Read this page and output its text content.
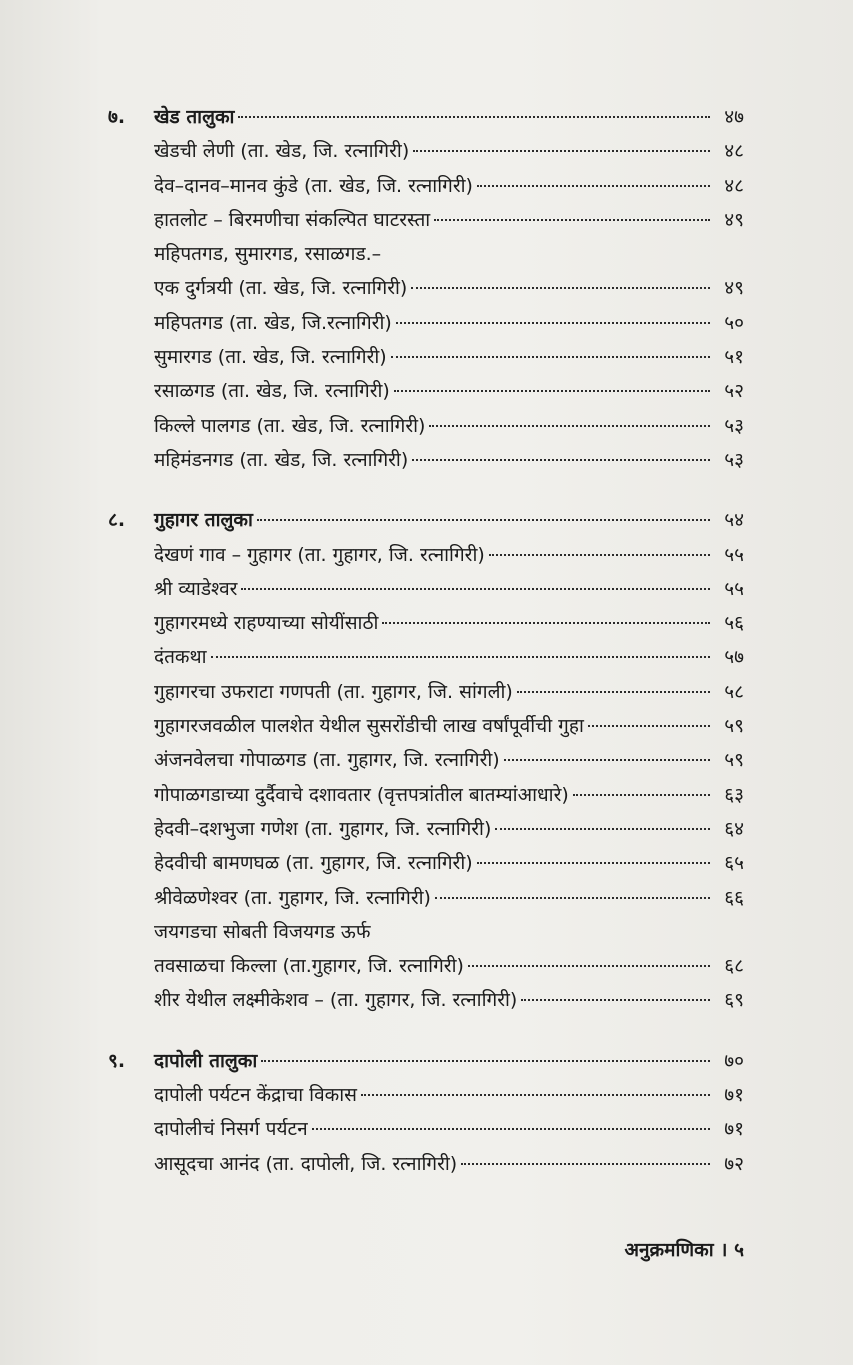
७.	खेड तालुका	४७
खेडची लेणी (ता. खेड, जि. रत्नागिरी)	४८
देव–दानव–मानव कुंडे (ता. खेड, जि. रत्नागिरी)	४८
हातलोट – बिरमणीचा संकल्पित घाटरस्ता	४९
महिपतगड, सुमारगड, रसाळगड.–
एक दुर्गत्रयी (ता. खेड, जि. रत्नागिरी)	४९
महिपतगड (ता. खेड, जि.रत्नागिरी)	५०
सुमारगड (ता. खेड, जि. रत्नागिरी)	५१
रसाळगड (ता. खेड, जि. रत्नागिरी)	५२
किल्ले पालगड (ता. खेड, जि. रत्नागिरी)	५३
महिमंडनगड (ता. खेड, जि. रत्नागिरी)	५३
८.	गुहागर तालुका	५४
देखणं गाव – गुहागर (ता. गुहागर, जि. रत्नागिरी)	५५
श्री व्याडेश्वर	५५
गुहागरमध्ये राहण्याच्या सोयींसाठी	५६
दंतकथा	५७
गुहागरचा उफराटा गणपती (ता. गुहागर, जि. सांगली)	५८
गुहागरजवळील पालशेत येथील सुसरोंडीची लाख वर्षांपूर्वीची गुहा	५९
अंजनवेलचा गोपाळगड (ता. गुहागर, जि. रत्नागिरी)	५९
गोपाळगडाच्या दुर्दैवाचे दशावतार (वृत्तपत्रांतील बातम्यांआधारे)	६३
हेदवी–दशभुजा गणेश (ता. गुहागर, जि. रत्नागिरी)	६४
हेदवीची बामणघळ (ता. गुहागर, जि. रत्नागिरी)	६५
श्रीवेळणेश्वर (ता. गुहागर, जि. रत्नागिरी)	६६
जयगडचा सोबती विजयगड ऊर्फ
तवसाळचा किल्ला (ता.गुहागर, जि. रत्नागिरी)	६८
शीर येथील लक्ष्मीकेशव – (ता. गुहागर, जि. रत्नागिरी)	६९
९.	दापोली तालुका	७०
दापोली पर्यटन केंद्राचा विकास	७१
दापोलीचं निसर्ग पर्यटन	७१
आसूदचा आनंद (ता. दापोली, जि. रत्नागिरी)	७२
अनुक्रमणिका । ५
